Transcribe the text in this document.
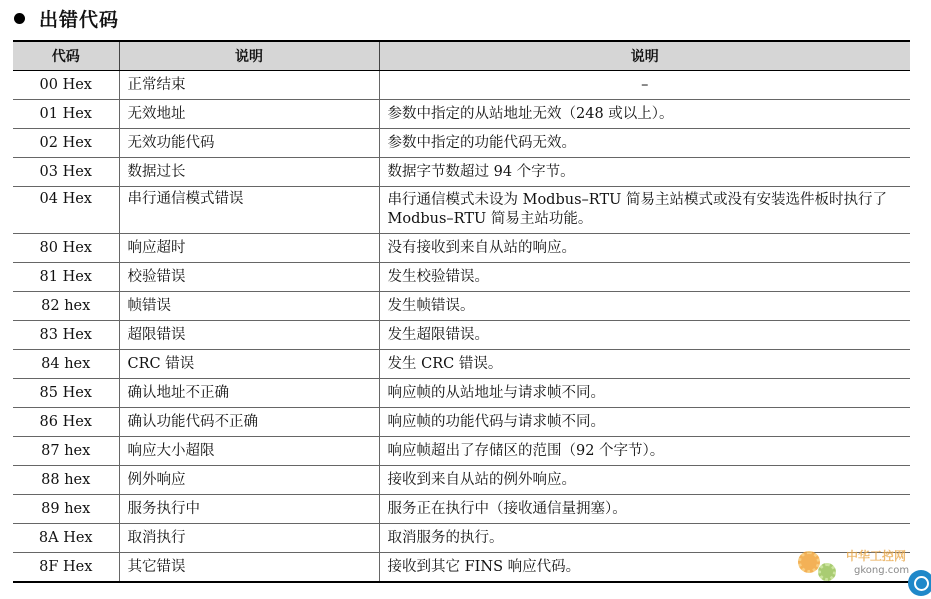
出错代码
代码	说明	说明
00 Hex	正常结束	–
01 Hex	无效地址	参数中指定的从站地址无效（248 或以上）。
02 Hex	无效功能代码	参数中指定的功能代码无效。
03 Hex	数据过长	数据字节数超过 94 个字节。
04 Hex	串行通信模式错误	串行通信模式未设为 Modbus–RTU 简易主站模式或没有安装选件板时执行了 Modbus–RTU 简易主站功能。
80 Hex	响应超时	没有接收到来自从站的响应。
81 Hex	校验错误	发生校验错误。
82 hex	帧错误	发生帧错误。
83 Hex	超限错误	发生超限错误。
84 hex	CRC 错误	发生 CRC 错误。
85 Hex	确认地址不正确	响应帧的从站地址与请求帧不同。
86 Hex	确认功能代码不正确	响应帧的功能代码与请求帧不同。
87 hex	响应大小超限	响应帧超出了存储区的范围（92 个字节）。
88 hex	例外响应	接收到来自从站的例外响应。
89 hex	服务执行中	服务正在执行中（接收通信量拥塞）。
8A Hex	取消执行	取消服务的执行。
8F Hex	其它错误	接收到其它 FINS 响应代码。
中华工控网
gkong.com
